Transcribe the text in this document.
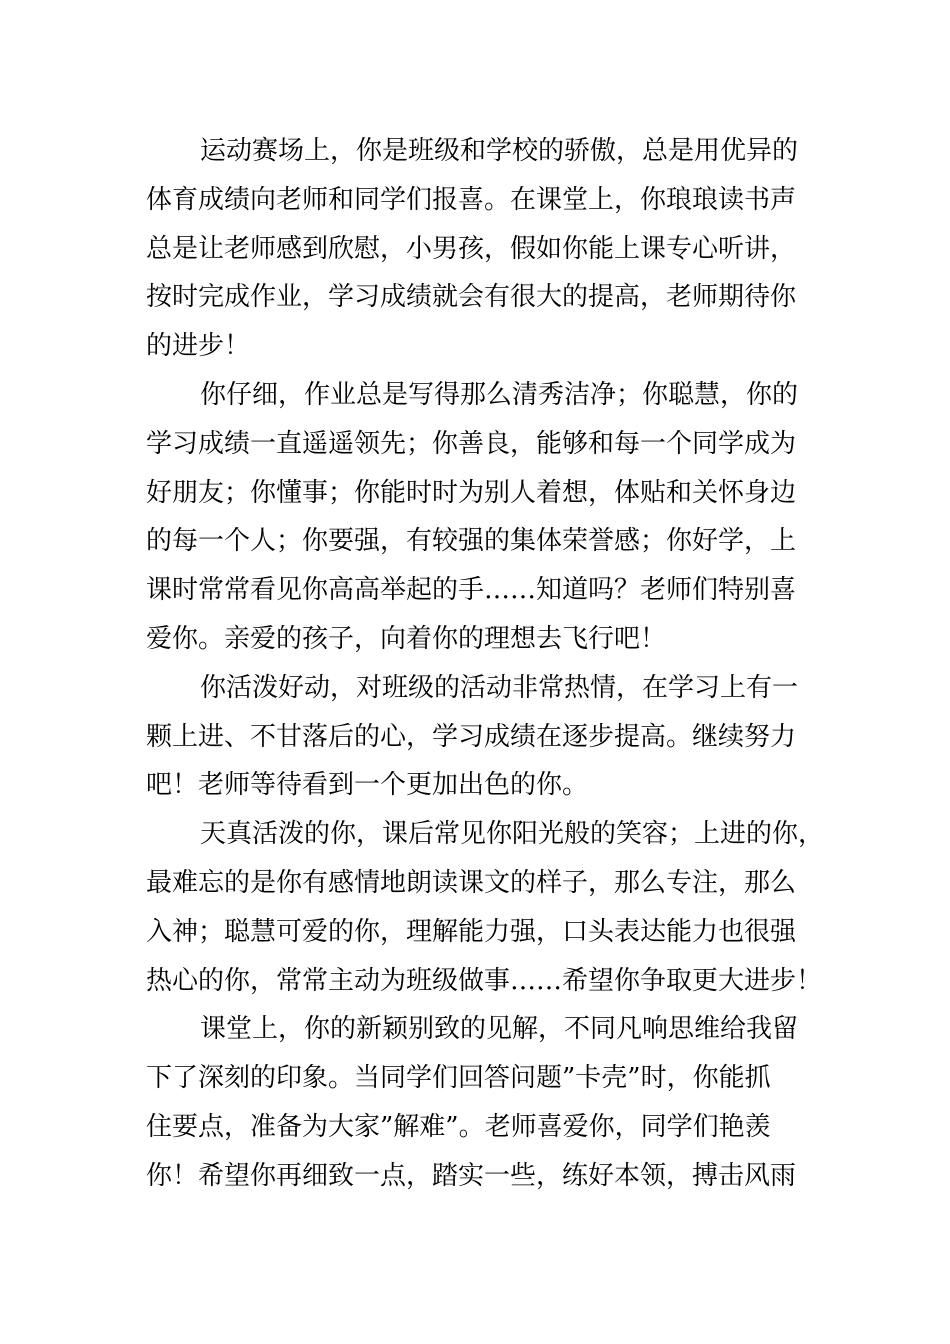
运动赛场上，你是班级和学校的骄傲，总是用优异的
体育成绩向老师和同学们报喜。在课堂上，你琅琅读书声
总是让老师感到欣慰，小男孩，假如你能上课专心听讲，
按时完成作业，学习成绩就会有很大的提高，老师期待你
的进步！
你仔细，作业总是写得那么清秀洁净；你聪慧，你的
学习成绩一直遥遥领先；你善良，能够和每一个同学成为
好朋友；你懂事；你能时时为别人着想，体贴和关怀身边
的每一个人；你要强，有较强的集体荣誉感；你好学，上
课时常常看见你高高举起的手……知道吗？老师们特别喜
爱你。亲爱的孩子，向着你的理想去飞行吧！
你活泼好动，对班级的活动非常热情，在学习上有一
颗上进、不甘落后的心，学习成绩在逐步提高。继续努力
吧！老师等待看到一个更加出色的你。
天真活泼的你，课后常见你阳光般的笑容；上进的你，
最难忘的是你有感情地朗读课文的样子，那么专注，那么
入神；聪慧可爱的你，理解能力强，口头表达能力也很强
热心的你，常常主动为班级做事……希望你争取更大进步！
课堂上，你的新颖别致的见解，不同凡响思维给我留
下了深刻的印象。当同学们回答问题”卡壳”时，你能抓
住要点，准备为大家”解难”。老师喜爱你，同学们艳羡
你！希望你再细致一点，踏实一些，练好本领，搏击风雨
